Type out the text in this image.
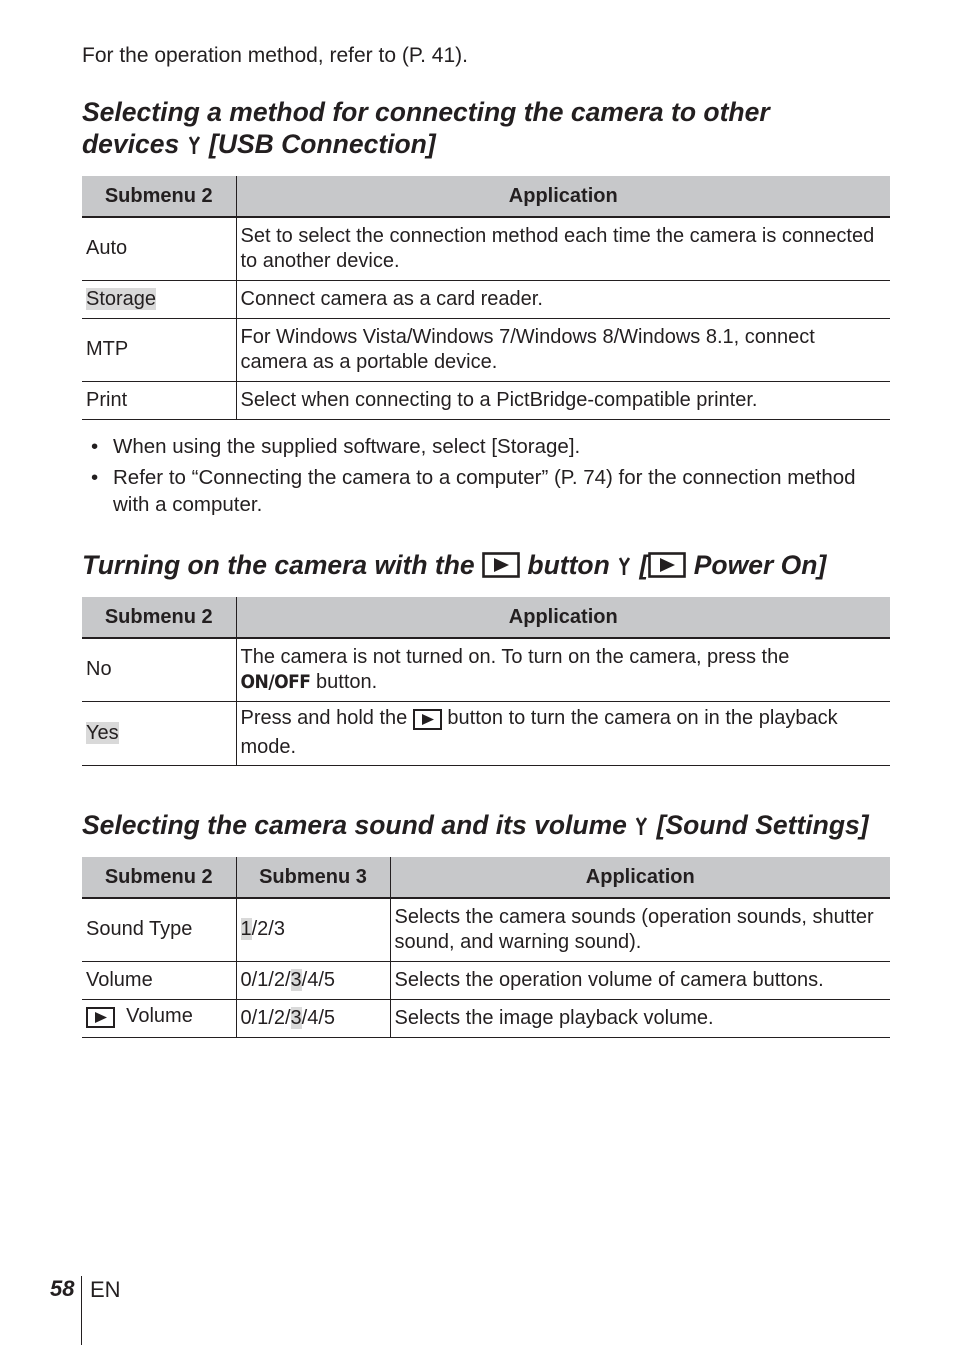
For the operation method, refer to (P. 41).
Selecting a method for connecting the camera to other
devices [USB Connection]
Submenu 2	Application
Auto	Set to select the connection method each time the camera is connected to another device.
Storage	Connect camera as a card reader.
MTP	For Windows Vista/Windows 7/Windows 8/Windows 8.1, connect camera as a portable device.
Print	Select when connecting to a PictBridge-compatible printer.
• When using the supplied software, select [Storage].
• Refer to “Connecting the camera to a computer” (P. 74) for the connection method with a computer.
Turning on the camera with the button [ Power On]
Submenu 2	Application
No	The camera is not turned on. To turn on the camera, press the
ON/OFF button.
Yes	Press and hold the button to turn the camera on in the playback mode.
Selecting the camera sound and its volume [Sound Settings]
Submenu 2	Submenu 3	Application
Sound Type	1/2/3	Selects the camera sounds (operation sounds, shutter sound, and warning sound).
Volume	0/1/2/3/4/5	Selects the operation volume of camera buttons.
Volume	0/1/2/3/4/5	Selects the image playback volume.
58 EN
